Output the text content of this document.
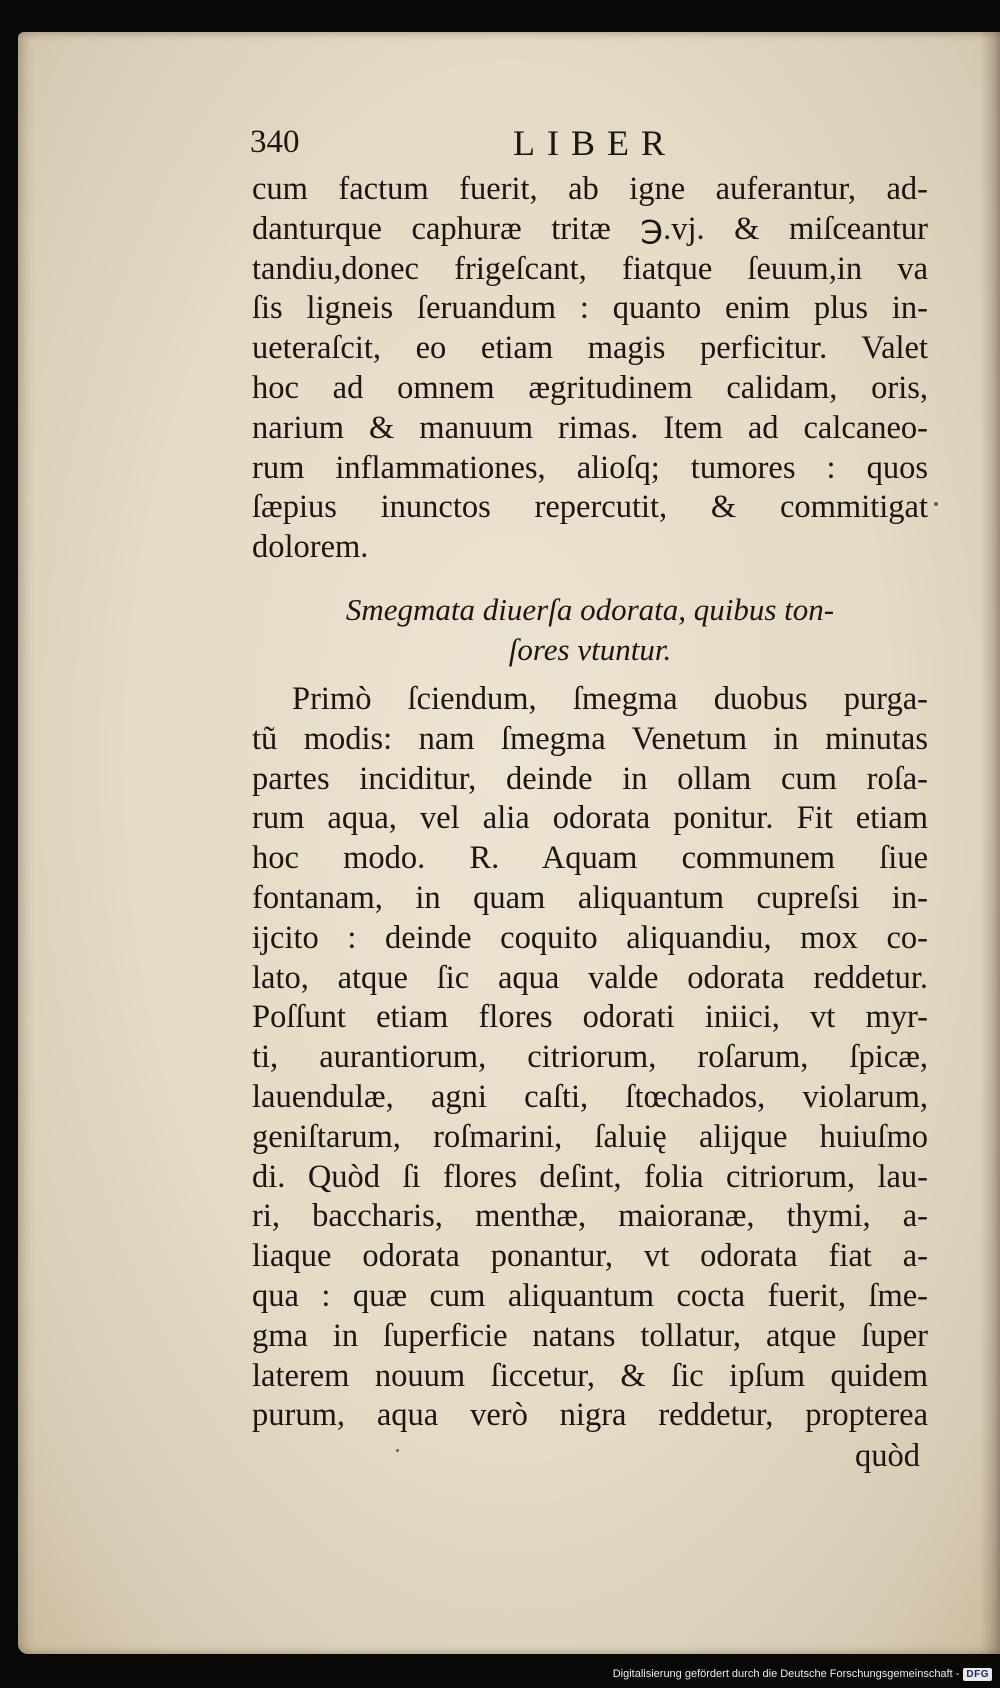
340	LIBER
cum factum fuerit, ab igne auferantur, ad-
danturque caphuræ tritæ ℈.vj. & miſceantur
tandiu,donec frigeſcant, fiatque ſeuum,in va
ſis ligneis ſeruandum : quanto enim plus in-
ueteraſcit, eo etiam magis perficitur. Valet
hoc ad omnem ægritudinem calidam, oris,
narium & manuum rimas. Item ad calcaneo-
rum inflammationes, alioſq; tumores : quos
ſæpius inunctos repercutit, & commitigat
dolorem.
Smegmata diuerſa odorata, quibus ton-
ſores vtuntur.
Primò ſciendum, ſmegma duobus purga-
tũ modis: nam ſmegma Venetum in minutas
partes inciditur, deinde in ollam cum roſa-
rum aqua, vel alia odorata ponitur. Fit etiam
hoc modo. R. Aquam communem ſiue
fontanam, in quam aliquantum cupreſsi in-
ijcito : deinde coquito aliquandiu, mox co-
lato, atque ſic aqua valde odorata reddetur.
Poſſunt etiam flores odorati iniici, vt myr-
ti, aurantiorum, citriorum, roſarum, ſpicæ,
lauendulæ, agni caſti, ſtœchados, violarum,
geniſtarum, roſmarini, ſaluię alijque huiuſmo
di. Quòd ſi flores deſint, folia citriorum, lau-
ri, baccharis, menthæ, maioranæ, thymi, a-
liaque odorata ponantur, vt odorata fiat a-
qua : quæ cum aliquantum cocta fuerit, ſme-
gma in ſuperficie natans tollatur, atque ſuper
laterem nouum ſiccetur, & ſic ipſum quidem
purum, aqua verò nigra reddetur, propterea
quòd
Digitalisierung gefördert durch die Deutsche Forschungsgemeinschaft - DFG
